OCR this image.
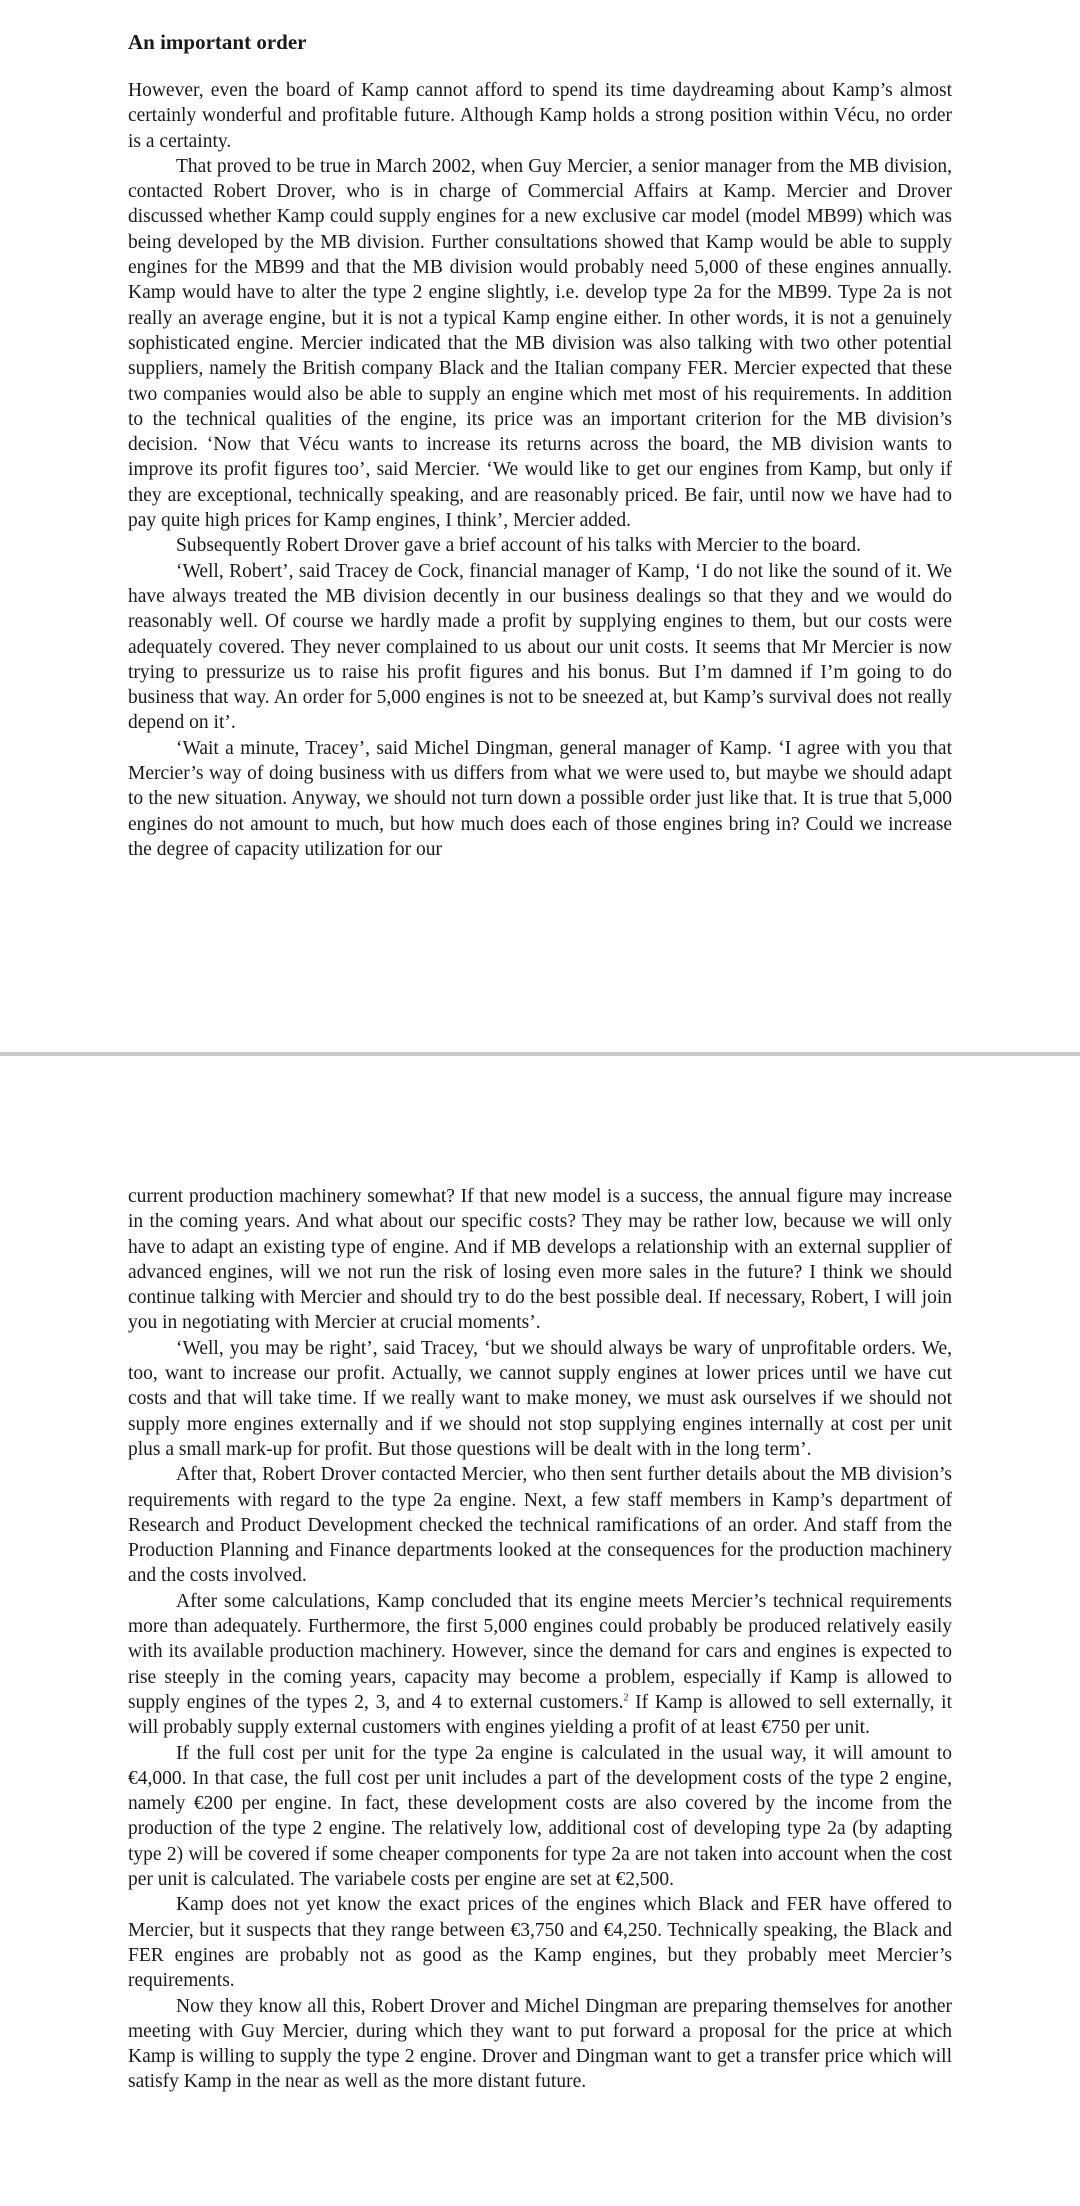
An important order

However, even the board of Kamp cannot afford to spend its time daydreaming about Kamp’s almost certainly wonderful and profitable future. Although Kamp holds a strong position within Vécu, no order is a certainty.

That proved to be true in March 2002, when Guy Mercier, a senior manager from the MB division, contacted Robert Drover, who is in charge of Commercial Affairs at Kamp. Mercier and Drover discussed whether Kamp could supply engines for a new exclusive car model (model MB99) which was being developed by the MB division. Further consultations showed that Kamp would be able to supply engines for the MB99 and that the MB division would probably need 5,000 of these engines annually. Kamp would have to alter the type 2 engine slightly, i.e. develop type 2a for the MB99. Type 2a is not really an average engine, but it is not a typical Kamp engine either. In other words, it is not a genuinely sophisticated engine. Mercier indicated that the MB division was also talking with two other potential suppliers, namely the British company Black and the Italian company FER. Mercier expected that these two companies would also be able to supply an engine which met most of his requirements. In addition to the technical qualities of the engine, its price was an important criterion for the MB division’s decision. ‘Now that Vécu wants to increase its returns across the board, the MB division wants to improve its profit figures too’, said Mercier. ‘We would like to get our engines from Kamp, but only if they are exceptional, technically speaking, and are reasonably priced. Be fair, until now we have had to pay quite high prices for Kamp engines, I think’, Mercier added.

Subsequently Robert Drover gave a brief account of his talks with Mercier to the board.

‘Well, Robert’, said Tracey de Cock, financial manager of Kamp, ‘I do not like the sound of it. We have always treated the MB division decently in our business dealings so that they and we would do reasonably well. Of course we hardly made a profit by supplying engines to them, but our costs were adequately covered. They never complained to us about our unit costs. It seems that Mr Mercier is now trying to pressurize us to raise his profit figures and his bonus. But I’m damned if I’m going to do business that way. An order for 5,000 engines is not to be sneezed at, but Kamp’s survival does not really depend on it’.

‘Wait a minute, Tracey’, said Michel Dingman, general manager of Kamp. ‘I agree with you that Mercier’s way of doing business with us differs from what we were used to, but maybe we should adapt to the new situation. Anyway, we should not turn down a possible order just like that. It is true that 5,000 engines do not amount to much, but how much does each of those engines bring in? Could we increase the degree of capacity utilization for our

current production machinery somewhat? If that new model is a success, the annual figure may increase in the coming years. And what about our specific costs? They may be rather low, because we will only have to adapt an existing type of engine. And if MB develops a relationship with an external supplier of advanced engines, will we not run the risk of losing even more sales in the future? I think we should continue talking with Mercier and should try to do the best possible deal. If necessary, Robert, I will join you in negotiating with Mercier at crucial moments’.

‘Well, you may be right’, said Tracey, ‘but we should always be wary of unprofitable orders. We, too, want to increase our profit. Actually, we cannot supply engines at lower prices until we have cut costs and that will take time. If we really want to make money, we must ask ourselves if we should not supply more engines externally and if we should not stop supplying engines internally at cost per unit plus a small mark-up for profit. But those questions will be dealt with in the long term’.

After that, Robert Drover contacted Mercier, who then sent further details about the MB division’s requirements with regard to the type 2a engine. Next, a few staff members in Kamp’s department of Research and Product Development checked the technical ramifications of an order. And staff from the Production Planning and Finance departments looked at the consequences for the production machinery and the costs involved.

After some calculations, Kamp concluded that its engine meets Mercier’s technical requirements more than adequately. Furthermore, the first 5,000 engines could probably be produced relatively easily with its available production machinery. However, since the demand for cars and engines is expected to rise steeply in the coming years, capacity may become a problem, especially if Kamp is allowed to supply engines of the types 2, 3, and 4 to external customers.$^2$ If Kamp is allowed to sell externally, it will probably supply external customers with engines yielding a profit of at least €750 per unit.

If the full cost per unit for the type 2a engine is calculated in the usual way, it will amount to €4,000. In that case, the full cost per unit includes a part of the development costs of the type 2 engine, namely €200 per engine. In fact, these development costs are also covered by the income from the production of the type 2 engine. The relatively low, additional cost of developing type 2a (by adapting type 2) will be covered if some cheaper components for type 2a are not taken into account when the cost per unit is calculated. The variabele costs per engine are set at €2,500.

Kamp does not yet know the exact prices of the engines which Black and FER have offered to Mercier, but it suspects that they range between €3,750 and €4,250. Technically speaking, the Black and FER engines are probably not as good as the Kamp engines, but they probably meet Mercier’s requirements.

Now they know all this, Robert Drover and Michel Dingman are preparing themselves for another meeting with Guy Mercier, during which they want to put forward a proposal for the price at which Kamp is willing to supply the type 2 engine. Drover and Dingman want to get a transfer price which will satisfy Kamp in the near as well as the more distant future.
